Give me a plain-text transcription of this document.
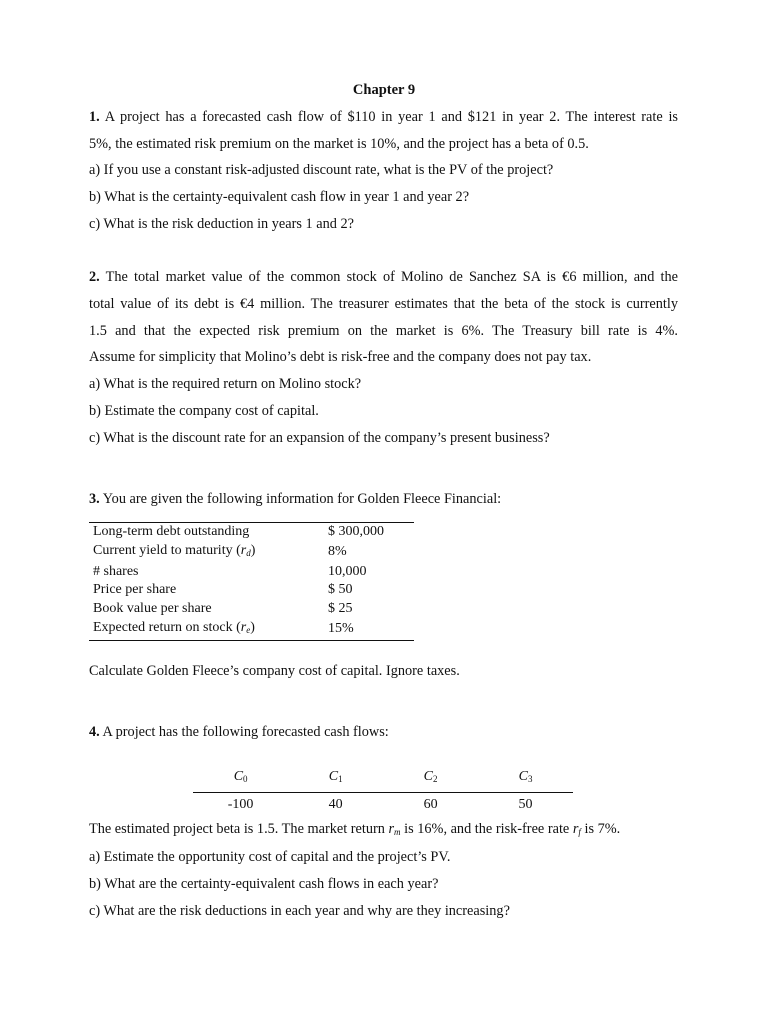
Chapter 9
1. A project has a forecasted cash flow of $110 in year 1 and $121 in year 2. The interest rate is
5%, the estimated risk premium on the market is 10%, and the project has a beta of 0.5.
a) If you use a constant risk-adjusted discount rate, what is the PV of the project?
b) What is the certainty-equivalent cash flow in year 1 and year 2?
c) What is the risk deduction in years 1 and 2?
2. The total market value of the common stock of Molino de Sanchez SA is €6 million, and the
total value of its debt is €4 million. The treasurer estimates that the beta of the stock is currently
1.5 and that the expected risk premium on the market is 6%. The Treasury bill rate is 4%.
Assume for simplicity that Molino’s debt is risk-free and the company does not pay tax.
a) What is the required return on Molino stock?
b) Estimate the company cost of capital.
c) What is the discount rate for an expansion of the company’s present business?
3. You are given the following information for Golden Fleece Financial:
Long-term debt outstanding	$ 300,000
Current yield to maturity $(r_d)$	8%
# shares	10,000
Price per share	$ 50
Book value per share	$ 25
Expected return on stock $(r_e)$	15%
Calculate Golden Fleece’s company cost of capital. Ignore taxes.
4. A project has the following forecasted cash flows:
$C_0$	$C_1$	$C_2$	$C_3$
-100	40	60	50
The estimated project beta is 1.5. The market return $r_m$ is 16%, and the risk-free rate $r_f$ is 7%.
a) Estimate the opportunity cost of capital and the project’s PV.
b) What are the certainty-equivalent cash flows in each year?
c) What are the risk deductions in each year and why are they increasing?
